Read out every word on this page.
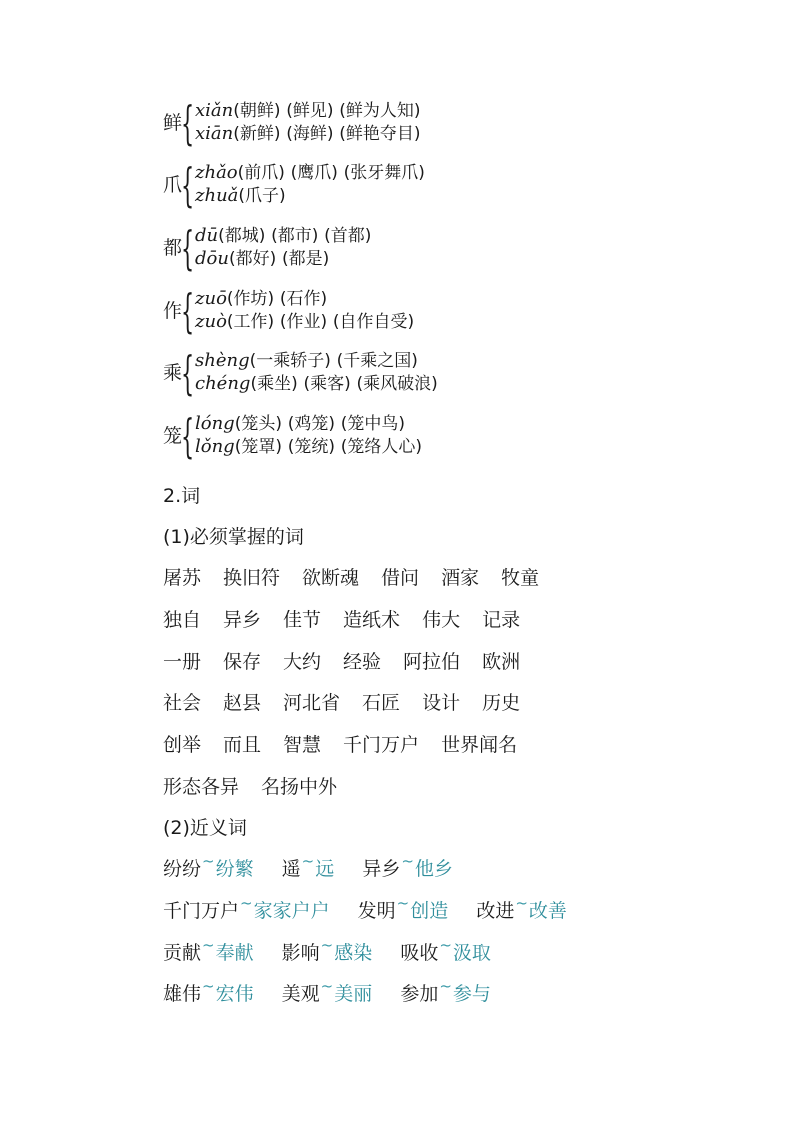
鲜
{ xiǎn(朝鲜) (鲜见) (鲜为人知)
xiān(新鲜) (海鲜) (鲜艳夺目)
爪
{ zhǎo(前爪) (鹰爪) (张牙舞爪)
zhuǎ(爪子)
都
{ dū(都城) (都市) (首都)
dōu(都好) (都是)
作
{ zuō(作坊) (石作)
zuò(工作) (作业) (自作自受)
乘
{ shèng(一乘轿子) (千乘之国)
chéng(乘坐) (乘客) (乘风破浪)
笼
{ lóng(笼头) (鸡笼) (笼中鸟)
lǒng(笼罩) (笼统) (笼络人心)
2.词
(1)必须掌握的词
屠苏 换旧符 欲断魂 借问 酒家 牧童
独自 异乡 佳节 造纸术 伟大 记录
一册 保存 大约 经验 阿拉伯 欧洲
社会 赵县 河北省 石匠 设计 历史
创举 而且 智慧 千门万户 世界闻名
形态各异 名扬中外
(2)近义词
纷纷~纷繁 遥~远 异乡~他乡
千门万户~家家户户 发明~创造 改进~改善
贡献~奉献 影响~感染 吸收~汲取
雄伟~宏伟 美观~美丽 参加~参与
